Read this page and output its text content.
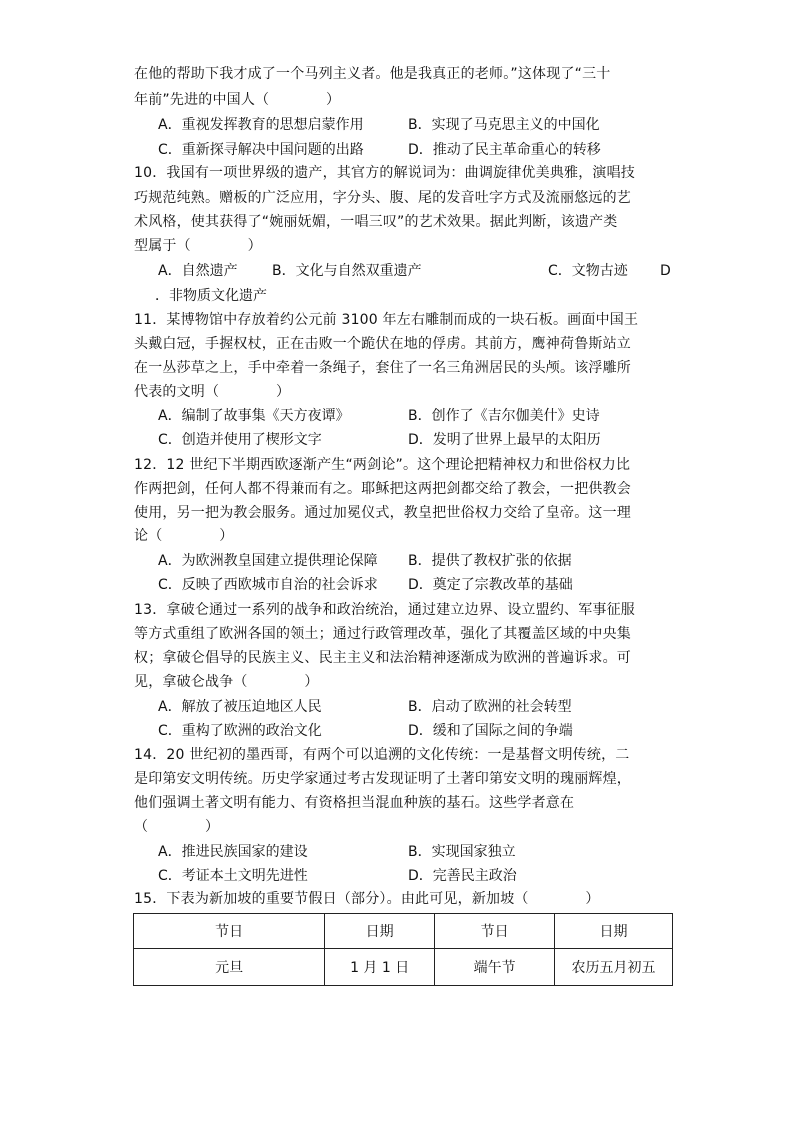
在他的帮助下我才成了一个马列主义者。他是我真正的老师。”这体现了“三十
年前”先进的中国人（　　　　）
A．重视发挥教育的思想启蒙作用	B．实现了马克思主义的中国化
C．重新探寻解决中国问题的出路	D．推动了民主革命重心的转移
10．我国有一项世界级的遗产，其官方的解说词为：曲调旋律优美典雅，演唱技
巧规范纯熟。赠板的广泛应用，字分头、腹、尾的发音吐字方式及流丽悠远的艺
术风格，使其获得了“婉丽妩媚，一唱三叹”的艺术效果。据此判断，该遗产类
型属于（　　　　）
A．自然遗产 B．文化与自然双重遗产	C．文物古迹 D
．非物质文化遗产
11．某博物馆中存放着约公元前 3100 年左右雕制而成的一块石板。画面中国王
头戴白冠，手握权杖，正在击败一个跪伏在地的俘虏。其前方，鹰神荷鲁斯站立
在一丛莎草之上，手中牵着一条绳子，套住了一名三角洲居民的头颅。该浮雕所
代表的文明（　　　　）
A．编制了故事集《天方夜谭》	B．创作了《吉尔伽美什》史诗
C．创造并使用了楔形文字	D．发明了世界上最早的太阳历
12．12 世纪下半期西欧逐渐产生“两剑论”。这个理论把精神权力和世俗权力比
作两把剑，任何人都不得兼而有之。耶稣把这两把剑都交给了教会，一把供教会
使用，另一把为教会服务。通过加冕仪式，教皇把世俗权力交给了皇帝。这一理
论（　　　　）
A．为欧洲教皇国建立提供理论保障 B．提供了教权扩张的依据
C．反映了西欧城市自治的社会诉求 D．奠定了宗教改革的基础
13．拿破仑通过一系列的战争和政治统治，通过建立边界、设立盟约、军事征服
等方式重组了欧洲各国的领土；通过行政管理改革，强化了其覆盖区域的中央集
权；拿破仑倡导的民族主义、民主主义和法治精神逐渐成为欧洲的普遍诉求。可
见，拿破仑战争（　　　　）
A．解放了被压迫地区人民	B．启动了欧洲的社会转型
C．重构了欧洲的政治文化	D．缓和了国际之间的争端
14．20 世纪初的墨西哥，有两个可以追溯的文化传统：一是基督文明传统，二
是印第安文明传统。历史学家通过考古发现证明了土著印第安文明的瑰丽辉煌，
他们强调土著文明有能力、有资格担当混血种族的基石。这些学者意在
（　　　　）
A．推进民族国家的建设	B．实现国家独立
C．考证本土文明先进性	D．完善民主政治
15．下表为新加坡的重要节假日（部分）。由此可见，新加坡（　　　　）
节日	日期	节日	日期
元旦	1 月 1 日	端午节	农历五月初五
